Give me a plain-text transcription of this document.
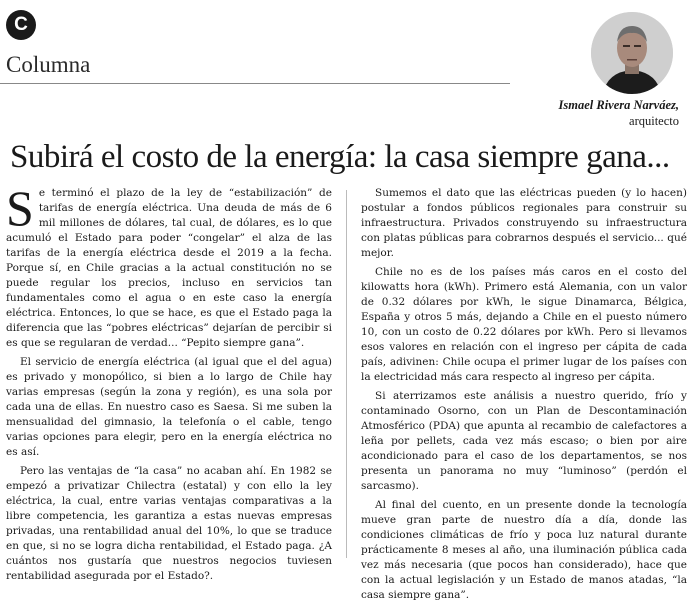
C
Columna
Ismael Rivera Narváez,
arquitecto
Subirá el costo de la energía: la casa siempre gana...

Se terminó el plazo de la ley de “estabilización” de tarifas de energía eléctrica. Una deuda de más de 6 mil millones de dólares, tal cual, de dólares, es lo que acumuló el Estado para poder “congelar” el alza de las tarifas de la energía eléctrica desde el 2019 a la fecha. Porque sí, en Chile gracias a la actual constitución no se puede regular los precios, incluso en servicios tan fundamentales como el agua o en este caso la energía eléctrica. Entonces, lo que se hace, es que el Estado paga la diferencia que las “pobres eléctricas” dejarían de percibir si es que se regularan de verdad... “Pepito siempre gana”.

El servicio de energía eléctrica (al igual que el del agua) es privado y monopólico, si bien a lo largo de Chile hay varias empresas (según la zona y región), es una sola por cada una de ellas. En nuestro caso es Saesa. Si me suben la mensualidad del gimnasio, la telefonía o el cable, tengo varias opciones para elegir, pero en la energía eléctrica no es así.

Pero las ventajas de “la casa” no acaban ahí. En 1982 se empezó a privatizar Chilectra (estatal) y con ello la ley eléctrica, la cual, entre varias ventajas comparativas a la libre competencia, les garantiza a estas nuevas empresas privadas, una rentabilidad anual del 10%, lo que se traduce en que, si no se logra dicha rentabilidad, el Estado paga. ¿A cuántos nos gustaría que nuestros negocios tuviesen rentabilidad asegurada por el Estado?.

Sumemos el dato que las eléctricas pueden (y lo hacen) postular a fondos públicos regionales para construir su infraestructura. Privados construyendo su infraestructura con platas públicas para cobrarnos después el servicio... qué mejor.

Chile no es de los países más caros en el costo del kilowatts hora (kWh). Primero está Alemania, con un valor de 0.32 dólares por kWh, le sigue Dinamarca, Bélgica, España y otros 5 más, dejando a Chile en el puesto número 10, con un costo de 0.22 dólares por kWh. Pero si llevamos esos valores en relación con el ingreso per cápita de cada país, adivinen: Chile ocupa el primer lugar de los países con la electricidad más cara respecto al ingreso per cápita.

Si aterrizamos este análisis a nuestro querido, frío y contaminado Osorno, con un Plan de Descontaminación Atmosférico (PDA) que apunta al recambio de calefactores a leña por pellets, cada vez más escaso; o bien por aire acondicionado para el caso de los departamentos, se nos presenta un panorama no muy “luminoso” (perdón el sarcasmo).

Al final del cuento, en un presente donde la tecnología mueve gran parte de nuestro día a día, donde las condiciones climáticas de frío y poca luz natural durante prácticamente 8 meses al año, una iluminación pública cada vez más necesaria (que pocos han considerado), hace que con la actual legislación y un Estado de manos atadas, “la casa siempre gana”.
